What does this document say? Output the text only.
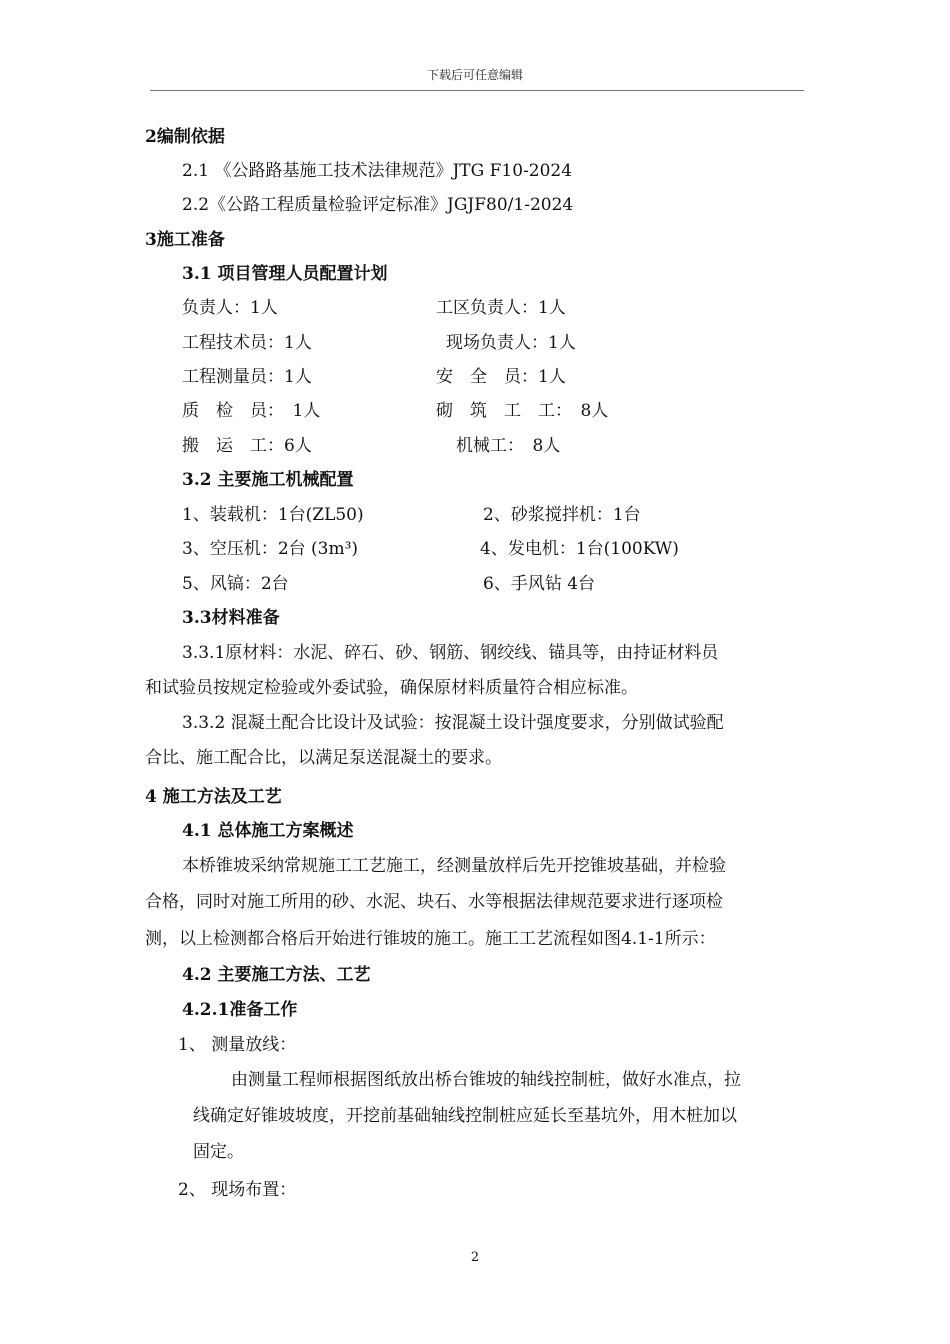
下载后可任意编辑
2编制依据
2.1 《公路路基施工技术法律规范》JTG F10-2024
2.2《公路工程质量检验评定标准》JGJF80/1-2024
3施工准备
3.1 项目管理人员配置计划
负责人：1人	工区负责人：1人
工程技术员：1人	现场负责人：1人
工程测量员：1人	安　全　员：1人
质　检　员：　1人	砌　筑　工　工：　8人
搬　运　工：6人	机械工：　8人
3.2 主要施工机械配置
1、装载机：1台(ZL50)	2、砂浆搅拌机：1台
3、空压机：2台 (3m³)	4、发电机：1台(100KW)
5、风镐：2台	6、手风钻 4台
3.3材料准备
3.3.1原材料：水泥、碎石、砂、钢筋、钢绞线、锚具等，由持证材料员
和试验员按规定检验或外委试验，确保原材料质量符合相应标准。
3.3.2 混凝土配合比设计及试验：按混凝土设计强度要求，分别做试验配
合比、施工配合比，以满足泵送混凝土的要求。
4 施工方法及工艺
4.1 总体施工方案概述
本桥锥坡采纳常规施工工艺施工，经测量放样后先开挖锥坡基础，并检验
合格，同时对施工所用的砂、水泥、块石、水等根据法律规范要求进行逐项检
测，以上检测都合格后开始进行锥坡的施工。施工工艺流程如图4.1-1所示：
4.2 主要施工方法、工艺
4.2.1准备工作
1、 测量放线：
由测量工程师根据图纸放出桥台锥坡的轴线控制桩，做好水准点，拉
线确定好锥坡坡度，开挖前基础轴线控制桩应延长至基坑外，用木桩加以
固定。
2、 现场布置：
2
